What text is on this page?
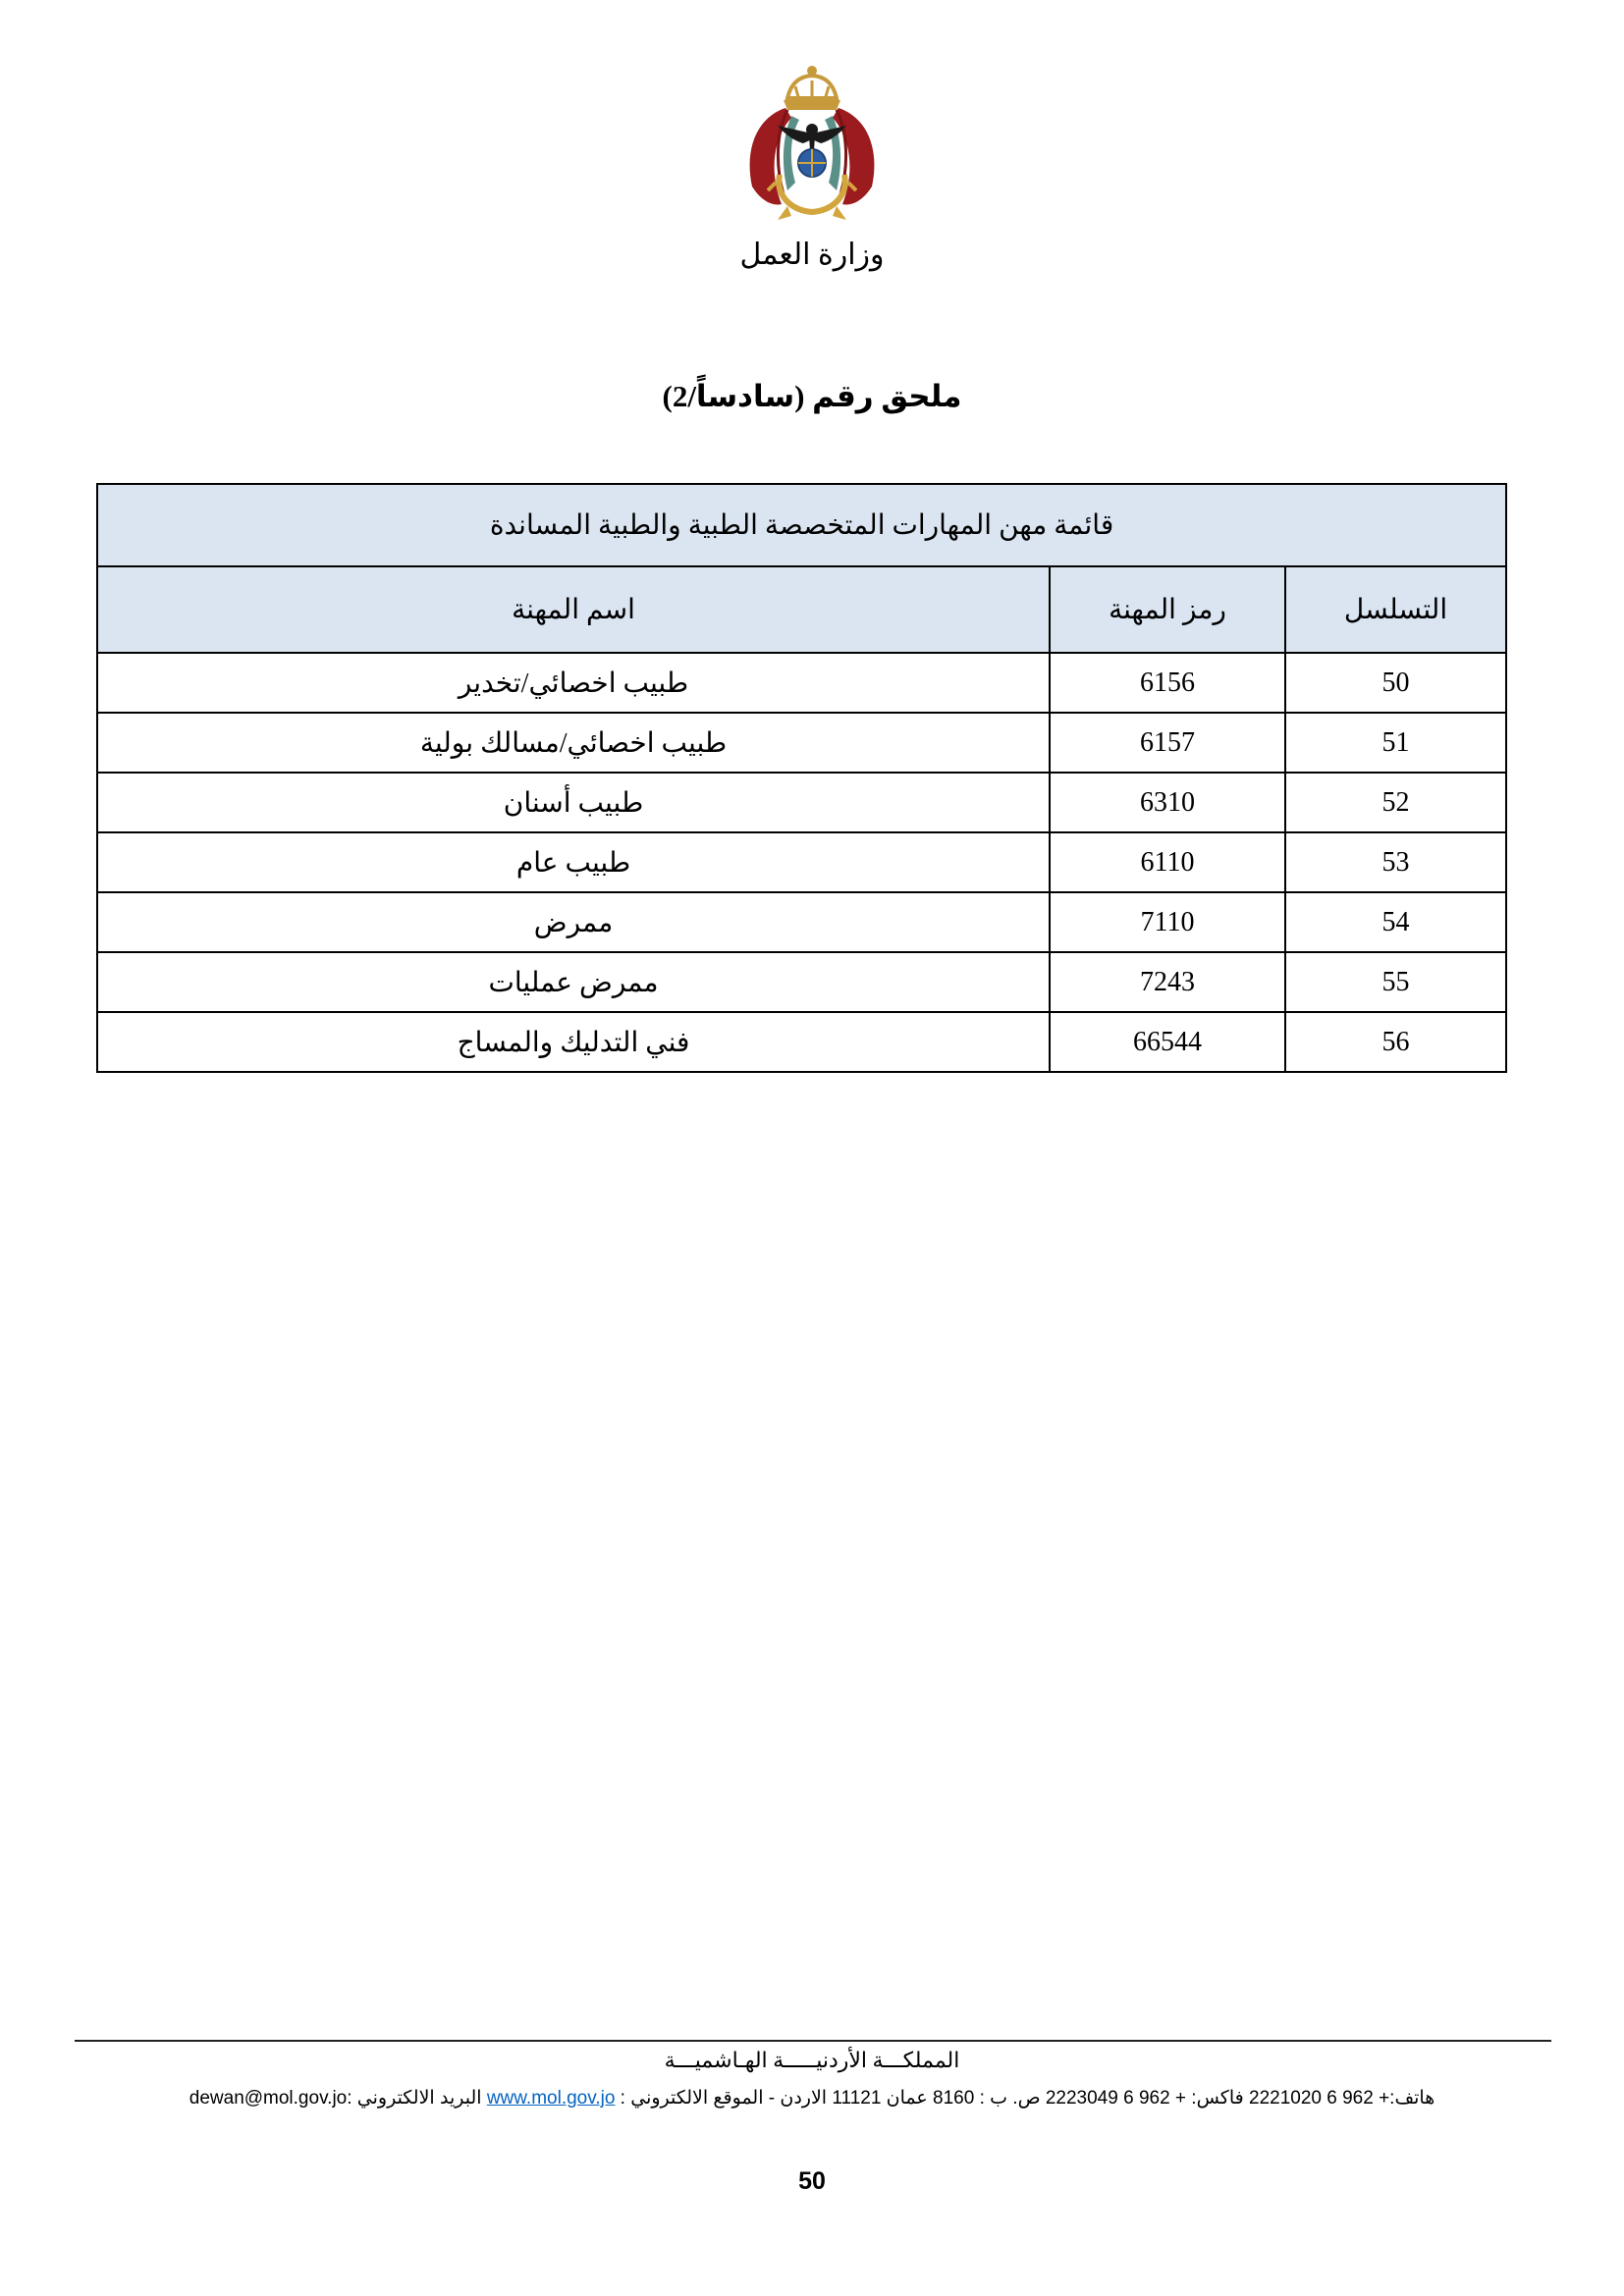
وزارة العمل
ملحق رقم (سادساً/2)
قائمة مهن المهارات المتخصصة الطبية والطبية المساندة		
التسلسل	رمز المهنة	اسم المهنة
50	6156	طبيب اخصائي/تخدير
51	6157	طبيب اخصائي/مسالك بولية
52	6310	طبيب أسنان
53	6110	طبيب عام
54	7110	ممرض
55	7243	ممرض عمليات
56	66544	فني التدليك والمساج
المملكـــة الأردنيـــــة الهـاشميـــة
هاتف:+ 962 6 2221020 فاكس: + 962 6 2223049 ص. ب : 8160 عمان 11121 الاردن - الموقع الالكتروني : www.mol.gov.jo البريد الالكتروني :dewan@mol.gov.jo
50
